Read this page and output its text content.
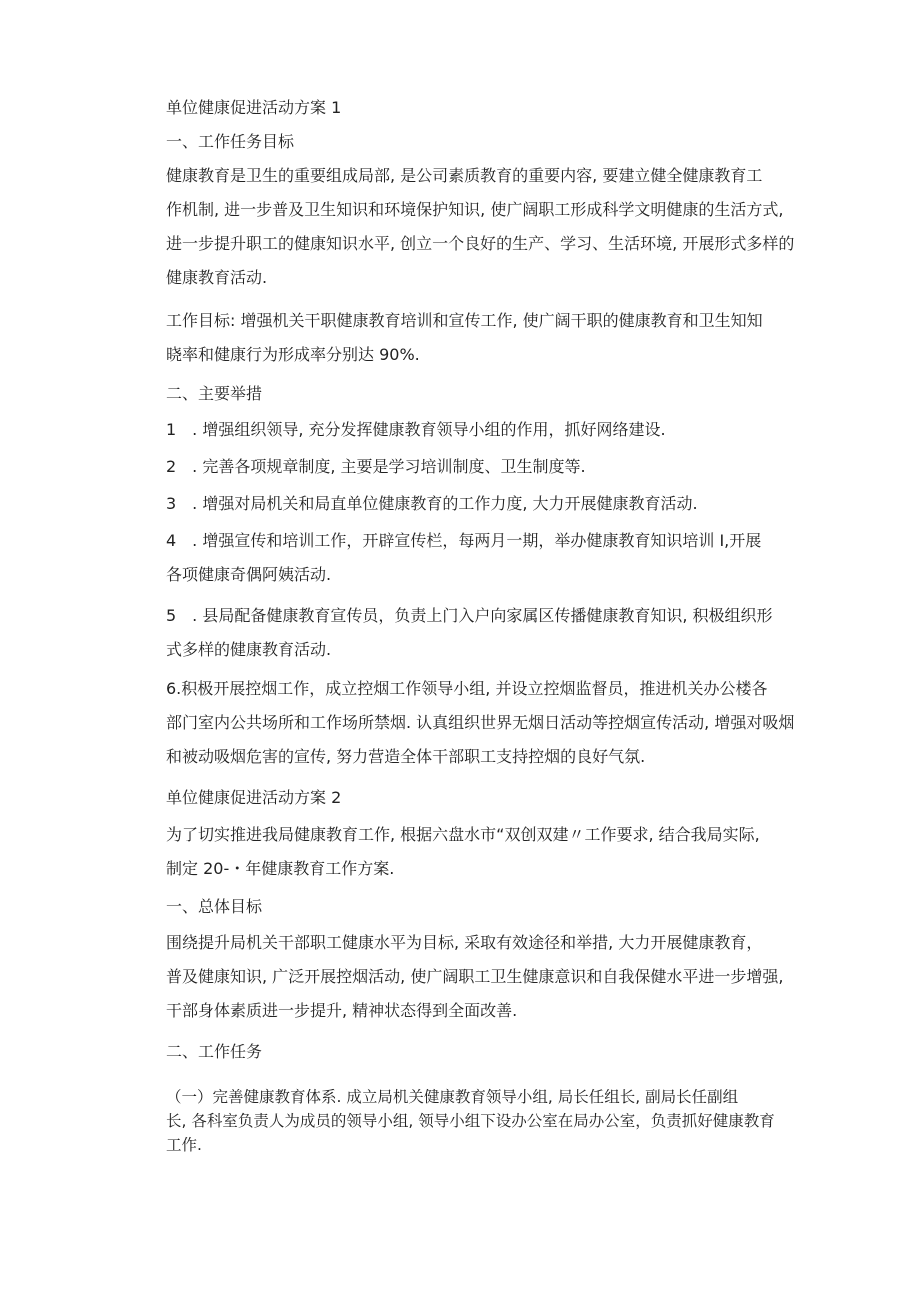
单位健康促进活动方案 1
一、工作任务目标
健康教育是卫生的重要组成局部, 是公司素质教育的重要内容, 要建立健全健康教育工
作机制, 进一步普及卫生知识和环境保护知识, 使广阔职工形成科学文明健康的生活方式,
进一步提升职工的健康知识水平, 创立一个良好的生产、学习、生活环境, 开展形式多样的
健康教育活动.
工作目标: 增强机关干职健康教育培训和宣传工作, 使广阔干职的健康教育和卫生知知
晓率和健康行为形成率分别达 90%.
二、主要举措
1　. 增强组织领导, 充分发挥健康教育领导小组的作用，抓好网络建设.
2　. 完善各项规章制度, 主要是学习培训制度、卫生制度等.
3　. 增强对局机关和局直单位健康教育的工作力度, 大力开展健康教育活动.
4　. 增强宣传和培训工作，开辟宣传栏，每两月一期，举办健康教育知识培训 I,开展
各项健康奇偶阿姨活动.
5　. 县局配备健康教育宣传员，负责上门入户向家属区传播健康教育知识, 积极组织形
式多样的健康教育活动.
6.积极开展控烟工作，成立控烟工作领导小组, 并设立控烟监督员，推进机关办公楼各
部门室内公共场所和工作场所禁烟. 认真组织世界无烟日活动等控烟宣传活动, 增强对吸烟
和被动吸烟危害的宣传, 努力营造全体干部职工支持控烟的良好气氛.
单位健康促进活动方案 2
为了切实推进我局健康教育工作, 根据六盘水市“双创双建〃工作要求, 结合我局实际,
制定 20-・年健康教育工作方案.
一、总体目标
围绕提升局机关干部职工健康水平为目标, 采取有效途径和举措, 大力开展健康教育，
普及健康知识, 广泛开展控烟活动, 使广阔职工卫生健康意识和自我保健水平进一步增强,
干部身体素质进一步提升, 精神状态得到全面改善.
二、工作任务
（一）完善健康教育体系. 成立局机关健康教育领导小组, 局长任组长, 副局长任副组
长, 各科室负责人为成员的领导小组, 领导小组下设办公室在局办公室，负责抓好健康教育
工作.
